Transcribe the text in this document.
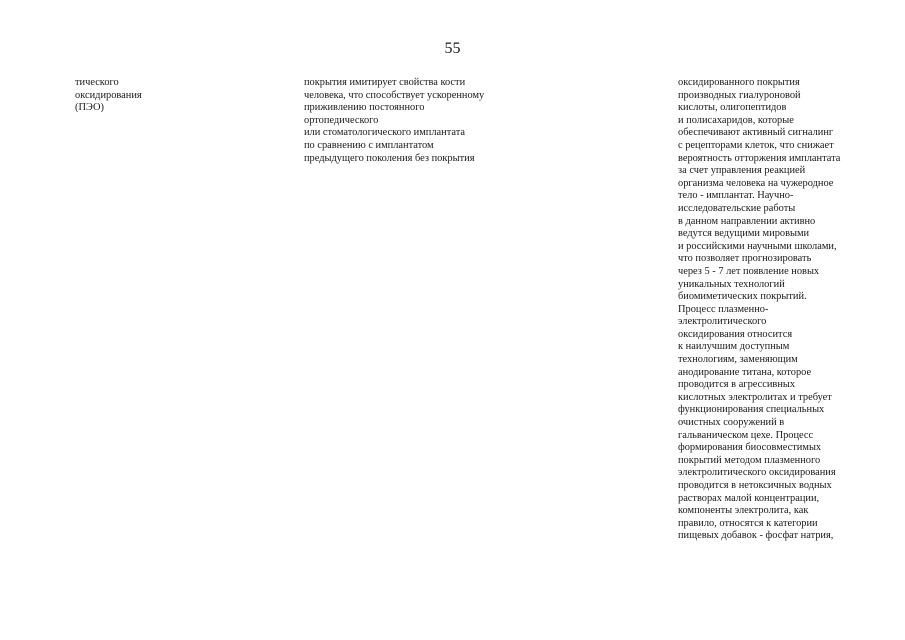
55
тического
оксидирования
(ПЭО)
покрытия имитирует свойства кости
человека, что способствует ускоренному
приживлению постоянного
ортопедического
или стоматологического имплантата
по сравнению с имплантатом
предыдущего поколения без покрытия
оксидированного покрытия
производных гиалуроновой
кислоты, олигопептидов
и полисахаридов, которые
обеспечивают активный сигналинг
с рецепторами клеток, что снижает
вероятность отторжения имплантата
за счет управления реакцией
организма человека на чужеродное
тело - имплантат. Научно-
исследовательские работы
в данном направлении активно
ведутся ведущими мировыми
и российскими научными школами,
что позволяет прогнозировать
через 5 - 7 лет появление новых
уникальных технологий
биомиметических покрытий.
Процесс плазменно-
электролитического
оксидирования относится
к наилучшим доступным
технологиям, заменяющим
анодирование титана, которое
проводится в агрессивных
кислотных электролитах и требует
функционирования специальных
очистных сооружений в
гальваническом цехе. Процесс
формирования биосовместимых
покрытий методом плазменного
электролитического оксидирования
проводится в нетоксичных водных
растворах малой концентрации,
компоненты электролита, как
правило, относятся к категории
пищевых добавок - фосфат натрия,
